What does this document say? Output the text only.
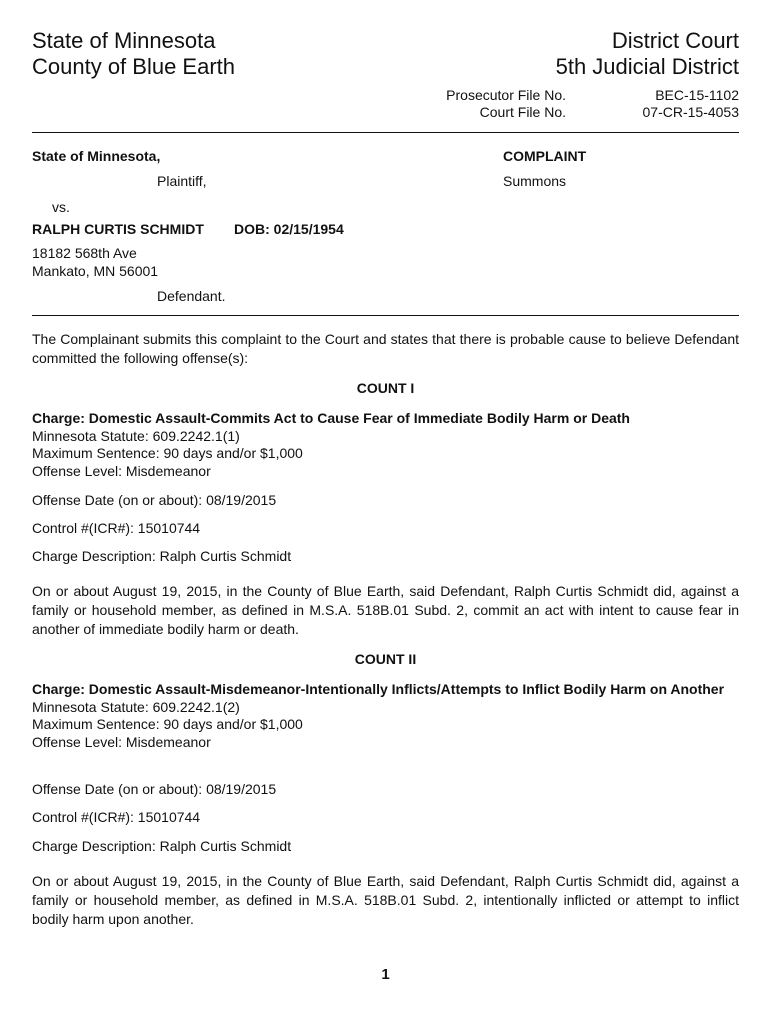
State of Minnesota
County of Blue Earth
District Court
5th Judicial District
Prosecutor File No.	BEC-15-1102
Court File No.	07-CR-15-4053
State of Minnesota,
Plaintiff,
vs.
RALPH CURTIS SCHMIDT DOB: 02/15/1954
18182 568th Ave
Mankato, MN 56001
Defendant.
COMPLAINT
Summons
The Complainant submits this complaint to the Court and states that there is probable cause to believe Defendant committed the following offense(s):
COUNT I
Charge: Domestic Assault-Commits Act to Cause Fear of Immediate Bodily Harm or Death
Minnesota Statute: 609.2242.1(1)
Maximum Sentence: 90 days and/or $1,000
Offense Level: Misdemeanor
Offense Date (on or about): 08/19/2015
Control #(ICR#): 15010744
Charge Description: Ralph Curtis Schmidt
On or about August 19, 2015, in the County of Blue Earth, said Defendant, Ralph Curtis Schmidt did, against a family or household member, as defined in M.S.A. 518B.01 Subd. 2, commit an act with intent to cause fear in another of immediate bodily harm or death.
COUNT II
Charge: Domestic Assault-Misdemeanor-Intentionally Inflicts/Attempts to Inflict Bodily Harm on Another
Minnesota Statute: 609.2242.1(2)
Maximum Sentence: 90 days and/or $1,000
Offense Level: Misdemeanor
Offense Date (on or about): 08/19/2015
Control #(ICR#): 15010744
Charge Description: Ralph Curtis Schmidt
On or about August 19, 2015, in the County of Blue Earth, said Defendant, Ralph Curtis Schmidt did, against a family or household member, as defined in M.S.A. 518B.01 Subd. 2, intentionally inflicted or attempt to inflict bodily harm upon another.
1
